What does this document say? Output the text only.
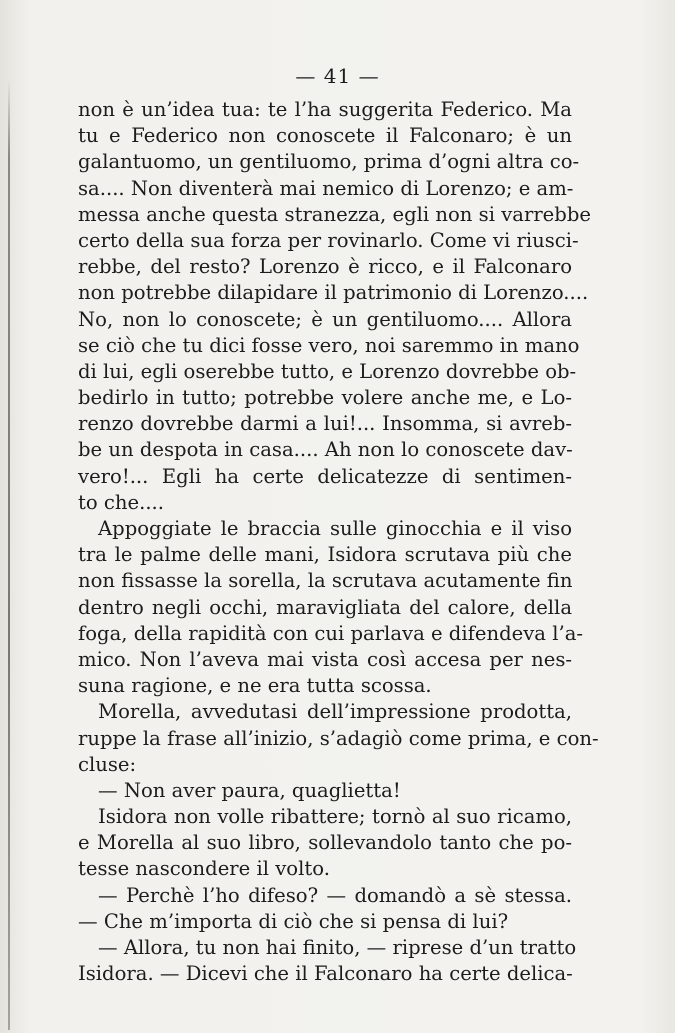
— 41 —
non è un’idea tua: te l’ha suggerita Federico. Ma
tu e Federico non conoscete il Falconaro; è un
galantuomo, un gentiluomo, prima d’ogni altra co-
sa.... Non diventerà mai nemico di Lorenzo; e am-
messa anche questa stranezza, egli non si varrebbe
certo della sua forza per rovinarlo. Come vi riusci-
rebbe, del resto? Lorenzo è ricco, e il Falconaro
non potrebbe dilapidare il patrimonio di Lorenzo....
No, non lo conoscete; è un gentiluomo.... Allora
se ciò che tu dici fosse vero, noi saremmo in mano
di lui, egli oserebbe tutto, e Lorenzo dovrebbe ob-
bedirlo in tutto; potrebbe volere anche me, e Lo-
renzo dovrebbe darmi a lui!... Insomma, si avreb-
be un despota in casa.... Ah non lo conoscete dav-
vero!... Egli ha certe delicatezze di sentimen-
to che....
Appoggiate le braccia sulle ginocchia e il viso
tra le palme delle mani, Isidora scrutava più che
non fissasse la sorella, la scrutava acutamente fin
dentro negli occhi, maravigliata del calore, della
foga, della rapidità con cui parlava e difendeva l’a-
mico. Non l’aveva mai vista così accesa per nes-
suna ragione, e ne era tutta scossa.
Morella, avvedutasi dell’impressione prodotta,
ruppe la frase all’inizio, s’adagiò come prima, e con-
cluse:
— Non aver paura, quaglietta!
Isidora non volle ribattere; tornò al suo ricamo,
e Morella al suo libro, sollevandolo tanto che po-
tesse nascondere il volto.
— Perchè l’ho difeso? — domandò a sè stessa.
— Che m’importa di ciò che si pensa di lui?
— Allora, tu non hai finito, — riprese d’un tratto
Isidora. — Dicevi che il Falconaro ha certe delica-
